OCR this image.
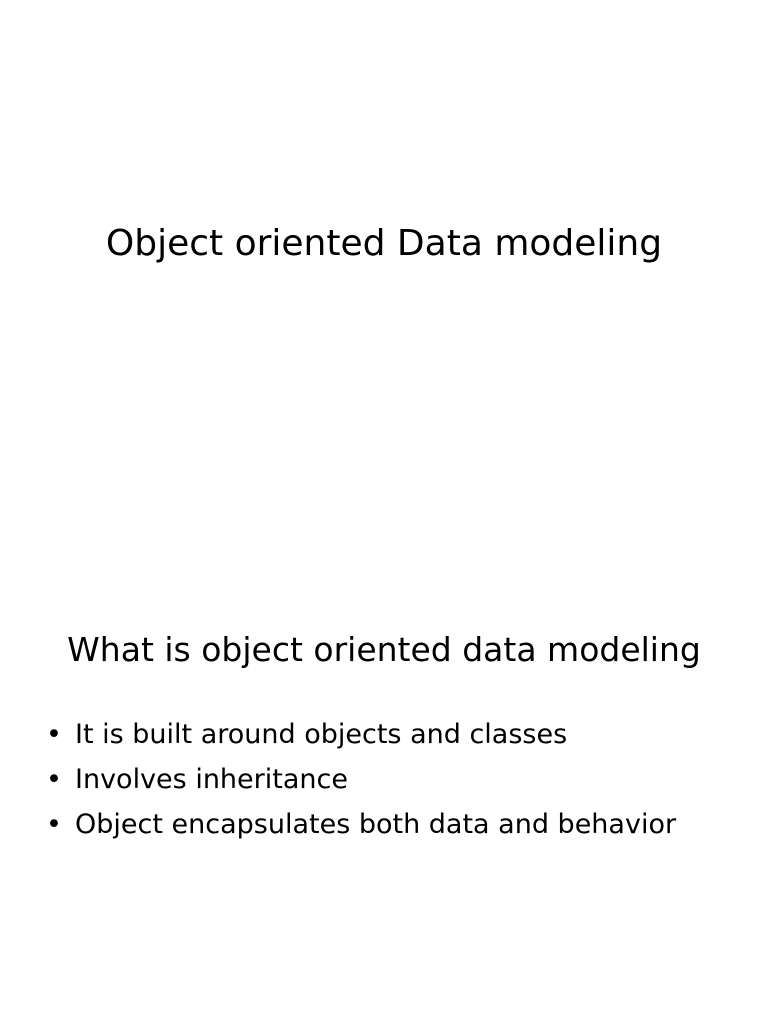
Object oriented Data modeling
What is object oriented data modeling
• It is built around objects and classes
• Involves inheritance
• Object encapsulates both data and behavior
